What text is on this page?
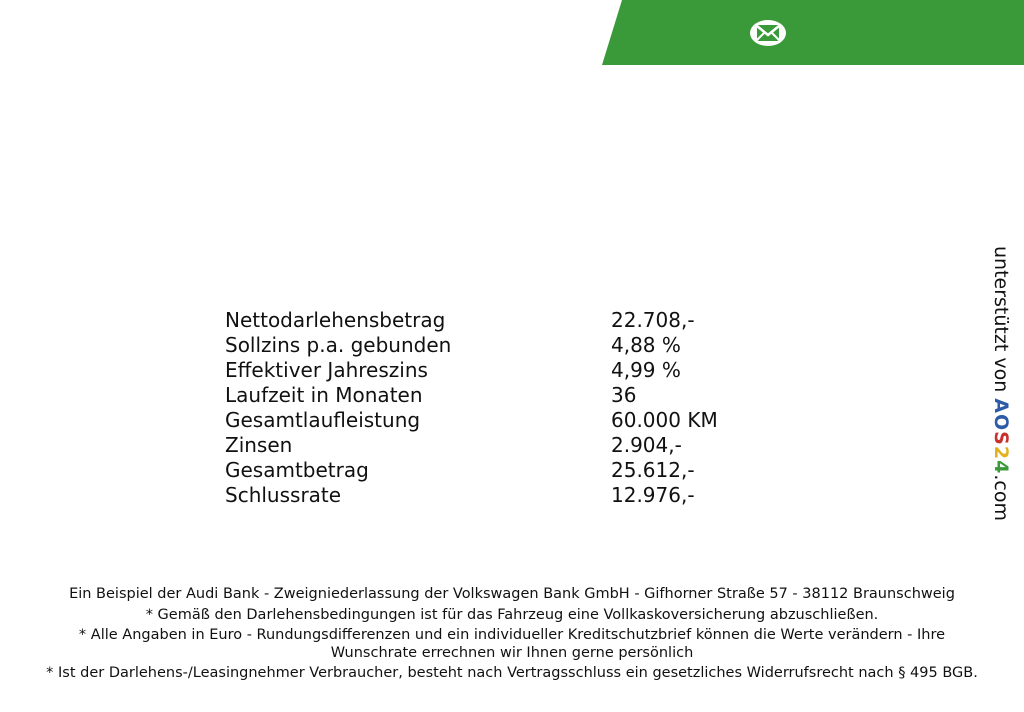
Nettodarlehensbetrag	22.708,-
Sollzins p.a. gebunden	4,88 %
Effektiver Jahreszins	4,99 %
Laufzeit in Monaten	36
Gesamtlaufleistung	60.000 KM
Zinsen	2.904,-
Gesamtbetrag	25.612,-
Schlussrate	12.976,-
unterstützt von AOS24.com

Ein Beispiel der Audi Bank - Zweigniederlassung der Volkswagen Bank GmbH - Gifhorner Straße 57 - 38112 Braunschweig

* Gemäß den Darlehensbedingungen ist für das Fahrzeug eine Vollkaskoversicherung abzuschließen.

* Alle Angaben in Euro - Rundungsdifferenzen und ein individueller Kreditschutzbrief können die Werte verändern - Ihre Wunschrate errechnen wir Ihnen gerne persönlich

* Ist der Darlehens-/Leasingnehmer Verbraucher, besteht nach Vertragsschluss ein gesetzliches Widerrufsrecht nach § 495 BGB.
